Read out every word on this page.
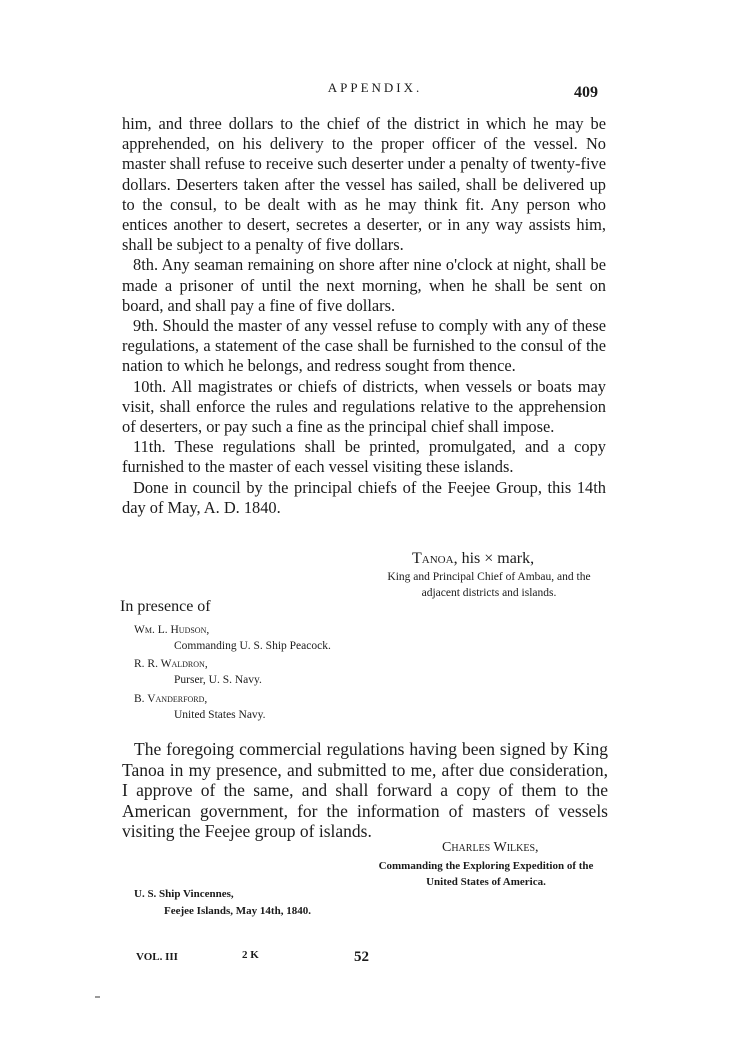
APPENDIX.	409

him, and three dollars to the chief of the district in which he may be apprehended, on his delivery to the proper officer of the vessel. No master shall refuse to receive such deserter under a penalty of twenty-five dollars. Deserters taken after the vessel has sailed, shall be delivered up to the consul, to be dealt with as he may think fit. Any person who entices another to desert, secretes a deserter, or in any way assists him, shall be subject to a penalty of five dollars.

8th. Any seaman remaining on shore after nine o'clock at night, shall be made a prisoner of until the next morning, when he shall be sent on board, and shall pay a fine of five dollars.

9th. Should the master of any vessel refuse to comply with any of these regulations, a statement of the case shall be furnished to the consul of the nation to which he belongs, and redress sought from thence.

10th. All magistrates or chiefs of districts, when vessels or boats may visit, shall enforce the rules and regulations relative to the apprehension of deserters, or pay such a fine as the principal chief shall impose.

11th. These regulations shall be printed, promulgated, and a copy furnished to the master of each vessel visiting these islands.

Done in council by the principal chiefs of the Feejee Group, this 14th day of May, A. D. 1840.

Tanoa, his × mark,
King and Principal Chief of Ambau, and the
adjacent districts and islands.
In presence of
Wm. L. Hudson,
Commanding U. S. Ship Peacock.
R. R. Waldron,
Purser, U. S. Navy.
B. Vanderford,
United States Navy.

The foregoing commercial regulations having been signed by King Tanoa in my presence, and submitted to me, after due consideration, I approve of the same, and shall forward a copy of them to the American government, for the information of masters of vessels visiting the Feejee group of islands.

Charles Wilkes,
Commanding the Exploring Expedition of the
United States of America.
U. S. Ship Vincennes,
Feejee Islands, May 14th, 1840.
VOL. III	2 K	52
